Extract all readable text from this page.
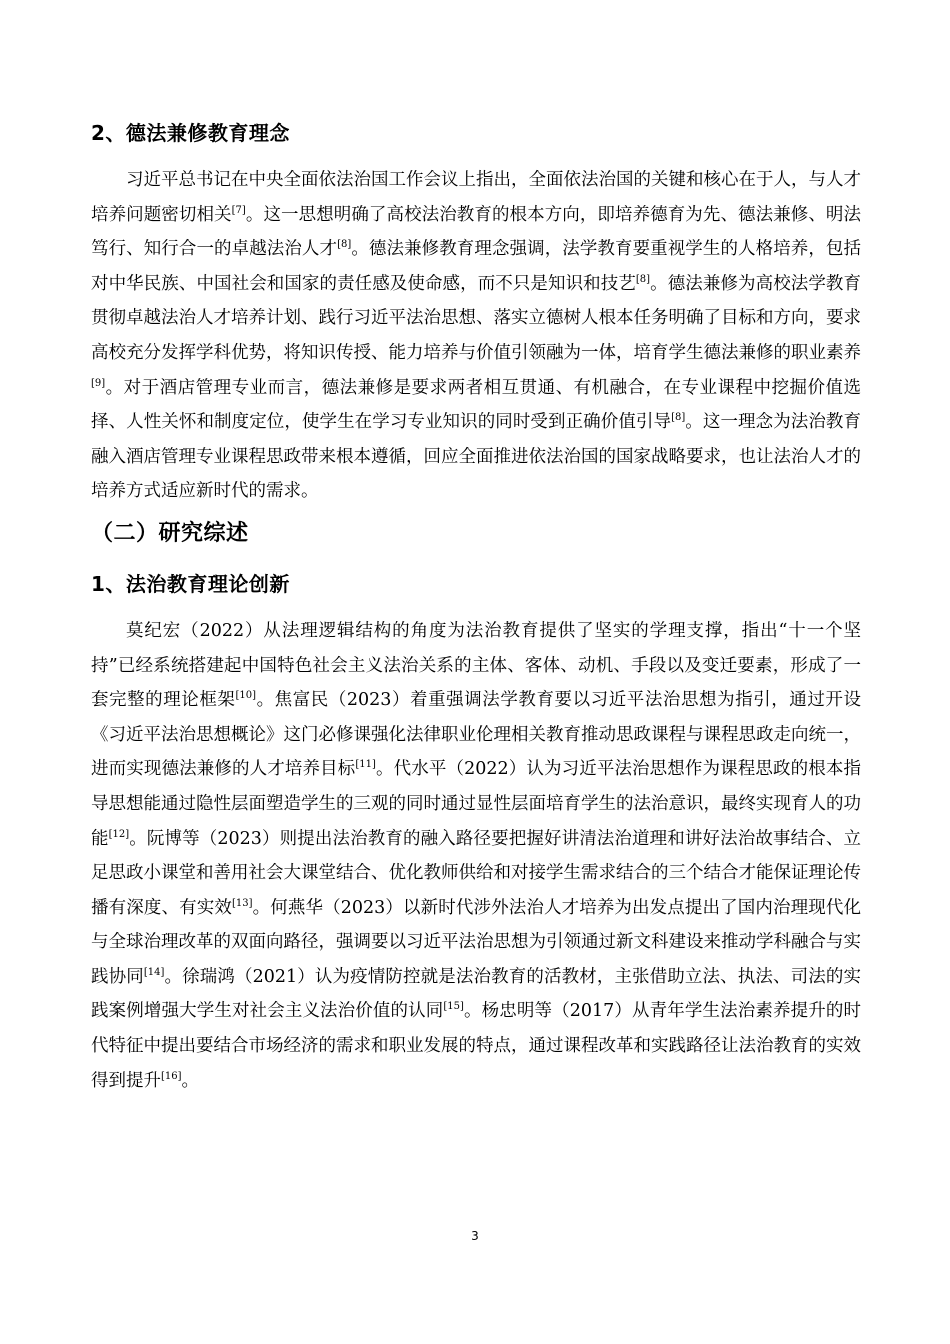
2、德法兼修教育理念

习近平总书记在中央全面依法治国工作会议上指出，全面依法治国的关键和核心在于人，与人才培养问题密切相关[7]。这一思想明确了高校法治教育的根本方向，即培养德育为先、德法兼修、明法笃行、知行合一的卓越法治人才[8]。德法兼修教育理念强调，法学教育要重视学生的人格培养，包括对中华民族、中国社会和国家的责任感及使命感，而不只是知识和技艺[8]。德法兼修为高校法学教育贯彻卓越法治人才培养计划、践行习近平法治思想、落实立德树人根本任务明确了目标和方向，要求高校充分发挥学科优势，将知识传授、能力培养与价值引领融为一体，培育学生德法兼修的职业素养[9]。对于酒店管理专业而言，德法兼修是要求两者相互贯通、有机融合，在专业课程中挖掘价值选择、人性关怀和制度定位，使学生在学习专业知识的同时受到正确价值引导[8]。这一理念为法治教育融入酒店管理专业课程思政带来根本遵循，回应全面推进依法治国的国家战略要求，也让法治人才的培养方式适应新时代的需求。

（二）研究综述
1、法治教育理论创新

莫纪宏（2022）从法理逻辑结构的角度为法治教育提供了坚实的学理支撑，指出“十一个坚持”已经系统搭建起中国特色社会主义法治关系的主体、客体、动机、手段以及变迁要素，形成了一套完整的理论框架[10]。焦富民（2023）着重强调法学教育要以习近平法治思想为指引，通过开设《习近平法治思想概论》这门必修课强化法律职业伦理相关教育推动思政课程与课程思政走向统一，进而实现德法兼修的人才培养目标[11]。代水平（2022）认为习近平法治思想作为课程思政的根本指导思想能通过隐性层面塑造学生的三观的同时通过显性层面培育学生的法治意识，最终实现育人的功能[12]。阮博等（2023）则提出法治教育的融入路径要把握好讲清法治道理和讲好法治故事结合、立足思政小课堂和善用社会大课堂结合、优化教师供给和对接学生需求结合的三个结合才能保证理论传播有深度、有实效[13]。何燕华（2023）以新时代涉外法治人才培养为出发点提出了国内治理现代化与全球治理改革的双面向路径，强调要以习近平法治思想为引领通过新文科建设来推动学科融合与实践协同[14]。徐瑞鸿（2021）认为疫情防控就是法治教育的活教材，主张借助立法、执法、司法的实践案例增强大学生对社会主义法治价值的认同[15]。杨忠明等（2017）从青年学生法治素养提升的时代特征中提出要结合市场经济的需求和职业发展的特点，通过课程改革和实践路径让法治教育的实效得到提升[16]。

3
